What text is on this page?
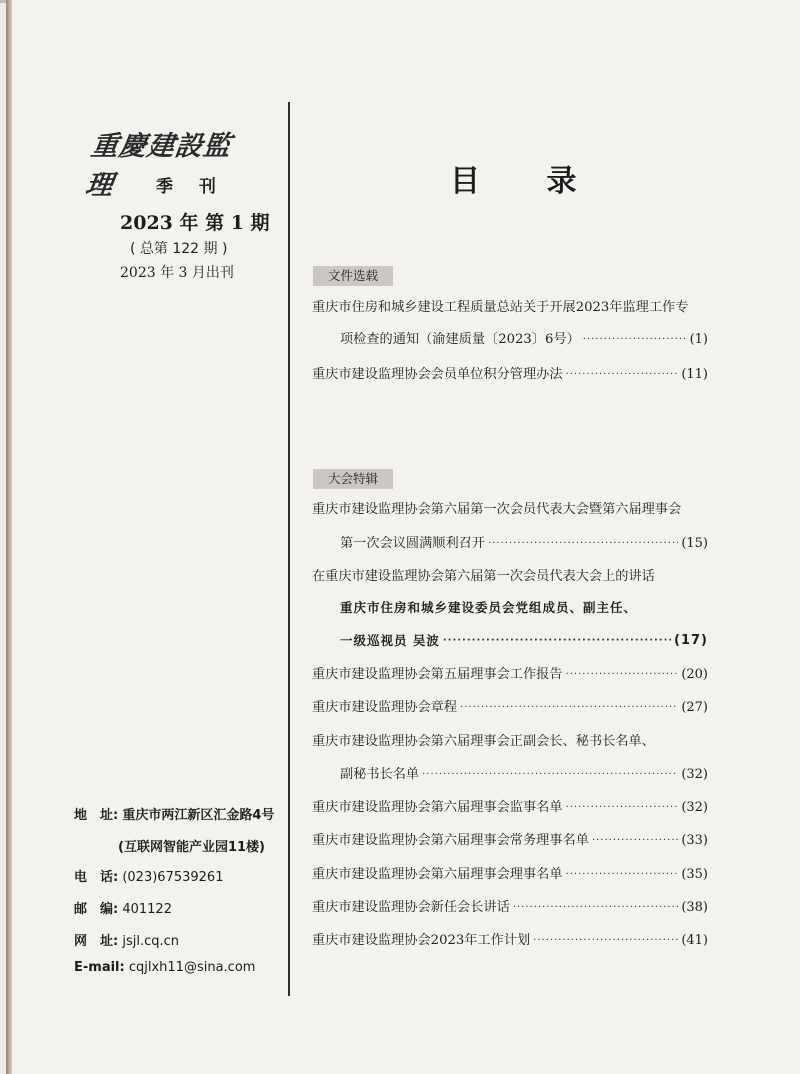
重慶建設監理	季 刊
2023 年 第 1 期
( 总第 122 期 )
2023 年 3 月出刊
地　址: 重庆市两江新区汇金路4号
(互联网智能产业园11楼)
电　话: (023)67539261
邮　编: 401122
网　址: jsjl.cq.cn
E-mail: cqjlxh11@sina.com
目 录
文件选载
重庆市住房和城乡建设工程质量总站关于开展2023年监理工作专
项检查的通知（渝建质量〔2023〕6号） ·····	(1)
重庆市建设监理协会会员单位积分管理办法 ·····	(11)
大会特辑
重庆市建设监理协会第六届第一次会员代表大会暨第六届理事会
第一次会议圆满顺利召开 ·····	(15)
在重庆市建设监理协会第六届第一次会员代表大会上的讲话
重庆市住房和城乡建设委员会党组成员、副主任、
一级巡视员 吴波 ·····	(17)
重庆市建设监理协会第五届理事会工作报告 ·····	(20)
重庆市建设监理协会章程 ·····	(27)
重庆市建设监理协会第六届理事会正副会长、秘书长名单、
副秘书长名单 ·····	(32)
重庆市建设监理协会第六届理事会监事名单 ·····	(32)
重庆市建设监理协会第六届理事会常务理事名单 ·····	(33)
重庆市建设监理协会第六届理事会理事名单 ·····	(35)
重庆市建设监理协会新任会长讲话 ·····	(38)
重庆市建设监理协会2023年工作计划 ·····	(41)
